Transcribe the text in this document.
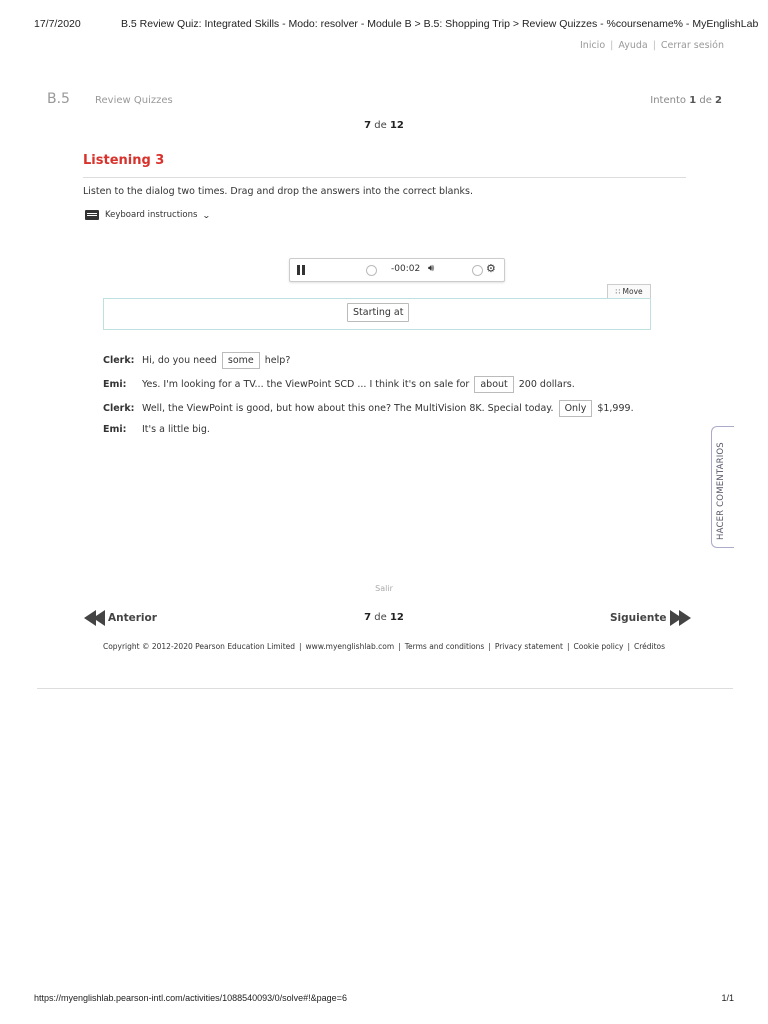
17/7/2020	B.5 Review Quiz: Integrated Skills - Modo: resolver - Module B > B.5: Shopping Trip > Review Quizzes - %coursename% - MyEnglishLab
Inicio | Ayuda | Cerrar sesión
B.5	Review Quizzes	Intento 1 de 2
7 de 12
Listening 3
Listen to the dialog two times. Drag and drop the answers into the correct blanks.
Keyboard instructions ⌄
-00:02 🔊︎	⚙
∷ Move
Starting at
Clerk: Hi, do you need	some	help?
Emi:	Yes. I'm looking for a TV... the ViewPoint SCD ... I think it's on sale for	about	200 dollars.
Clerk: Well, the ViewPoint is good, but how about this one? The MultiVision 8K. Special today.	Only	$1,999.
Emi:	It's a little big.
HACER COMENTARIOS
Salir
Anterior	7 de 12	Siguiente
Copyright © 2012-2020 Pearson Education Limited | www.myenglishlab.com | Terms and conditions | Privacy statement | Cookie policy | Créditos
https://myenglishlab.pearson-intl.com/activities/1088540093/0/solve#!&page=6	1/1
